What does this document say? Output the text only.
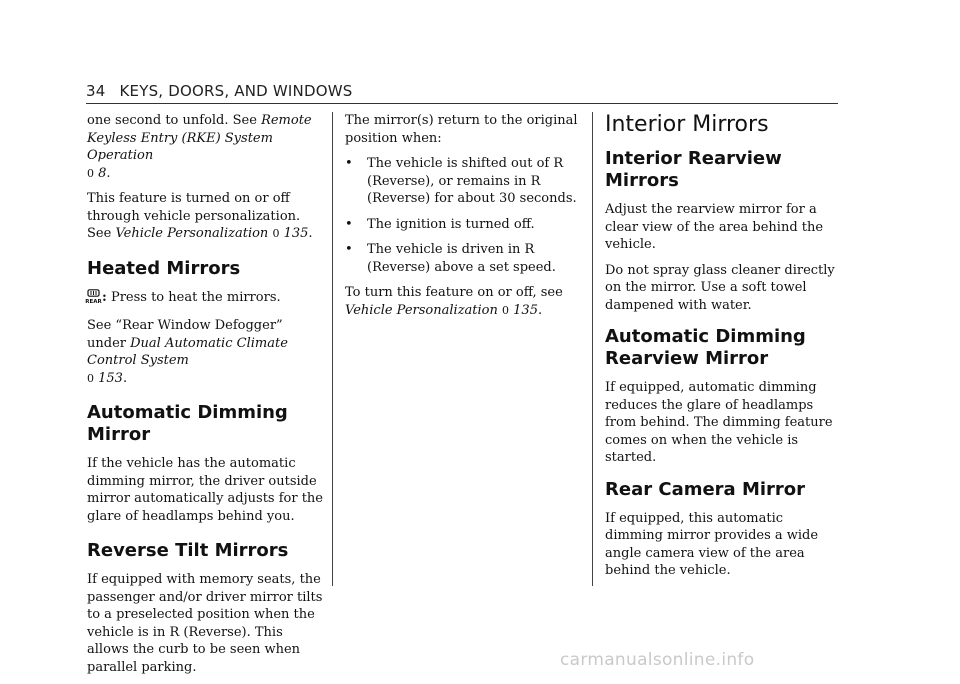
34 KEYS, DOORS, AND WINDOWS

one second to unfold. See Remote Keyless Entry (RKE) System Operation
0 8.

This feature is turned on or off through vehicle personalization. See Vehicle Personalization 0 135.

Heated Mirrors

REAR : Press to heat the mirrors.

See “Rear Window Defogger” under Dual Automatic Climate Control System
0 153.

Automatic Dimming Mirror

If the vehicle has the automatic dimming mirror, the driver outside mirror automatically adjusts for the glare of headlamps behind you.

Reverse Tilt Mirrors

If equipped with memory seats, the passenger and/or driver mirror tilts to a preselected position when the vehicle is in R (Reverse). This allows the curb to be seen when parallel parking.

The mirror(s) return to the original position when:

• The vehicle is shifted out of R (Reverse), or remains in R (Reverse) for about 30 seconds.
• The ignition is turned off.
• The vehicle is driven in R (Reverse) above a set speed.

To turn this feature on or off, see
Vehicle Personalization 0 135.

Interior Mirrors
Interior Rearview Mirrors

Adjust the rearview mirror for a clear view of the area behind the vehicle.

Do not spray glass cleaner directly on the mirror. Use a soft towel dampened with water.

Automatic Dimming Rearview Mirror

If equipped, automatic dimming reduces the glare of headlamps from behind. The dimming feature comes on when the vehicle is started.

Rear Camera Mirror

If equipped, this automatic dimming mirror provides a wide angle camera view of the area behind the vehicle.

carmanualsonline.info
